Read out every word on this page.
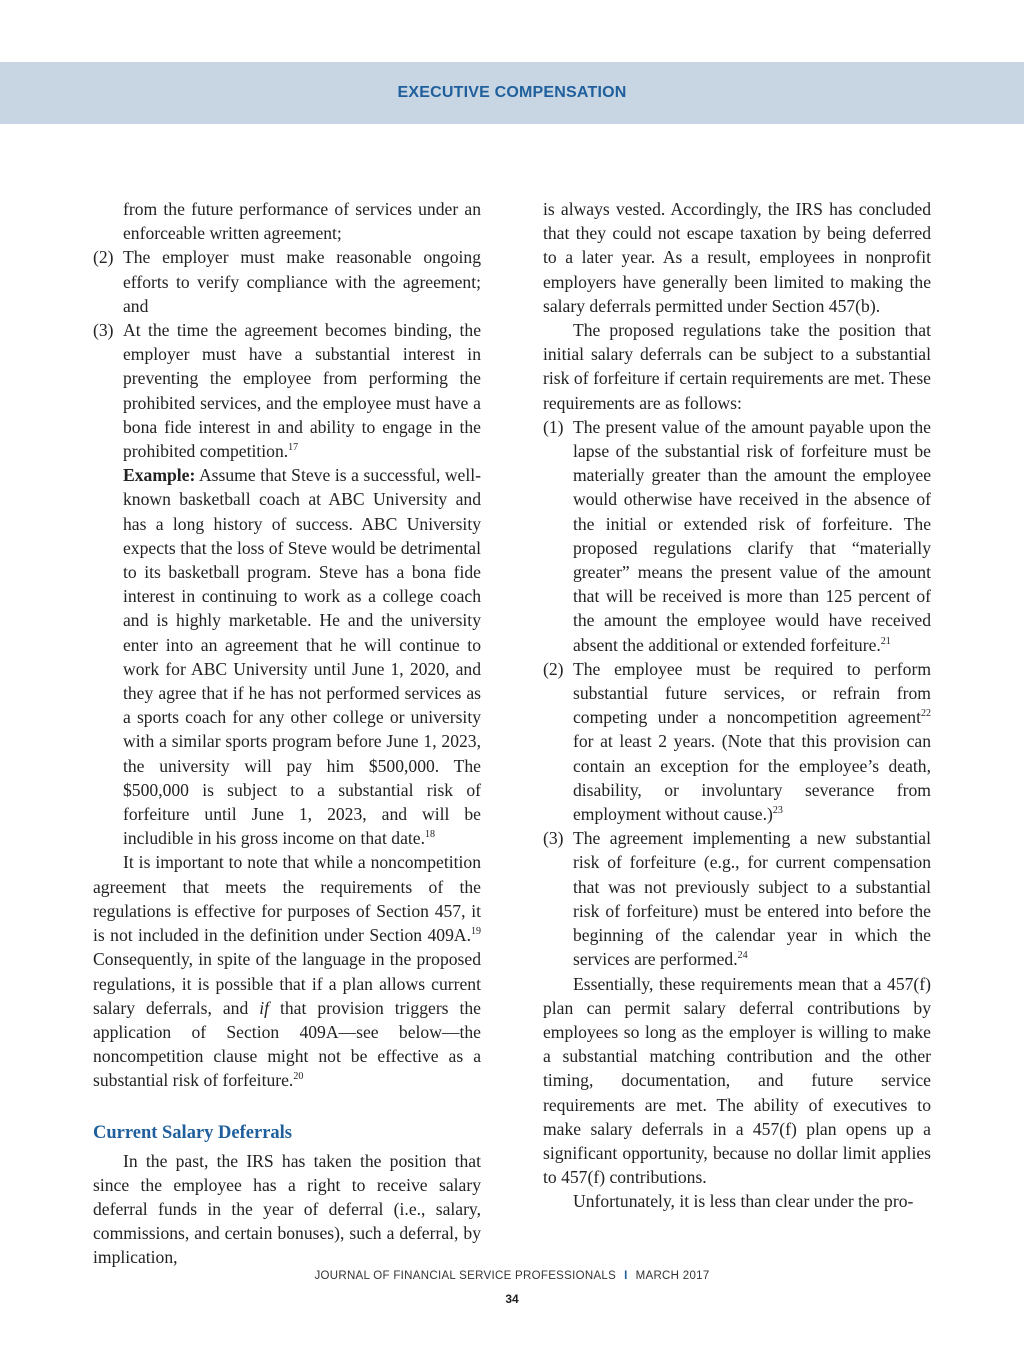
EXECUTIVE COMPENSATION

from the future performance of services under an enforceable written agreement;

(2) The employer must make reasonable ongoing efforts to verify compliance with the agreement; and
(3) At the time the agreement becomes binding, the employer must have a substantial interest in preventing the employee from performing the prohibited services, and the employee must have a bona fide interest in and ability to engage in the prohibited competition.$^{17}$

Example: Assume that Steve is a successful, well-known basketball coach at ABC University and has a long history of success. ABC University expects that the loss of Steve would be detrimental to its basketball program. Steve has a bona fide interest in continuing to work as a college coach and is highly marketable. He and the university enter into an agreement that he will continue to work for ABC University until June 1, 2020, and they agree that if he has not performed services as a sports coach for any other college or university with a similar sports program before June 1, 2023, the university will pay him $500,000. The $500,000 is subject to a substantial risk of forfeiture until June 1, 2023, and will be includible in his gross income on that date.$^{18}$

It is important to note that while a noncompetition agreement that meets the requirements of the regulations is effective for purposes of Section 457, it is not included in the definition under Section 409A.$^{19}$ Consequently, in spite of the language in the proposed regulations, it is possible that if a plan allows current salary deferrals, and if that provision triggers the application of Section 409A—see below—the noncompetition clause might not be effective as a substantial risk of forfeiture.$^{20}$

Current Salary Deferrals

In the past, the IRS has taken the position that since the employee has a right to receive salary deferral funds in the year of deferral (i.e., salary, commissions, and certain bonuses), such a deferral, by implication,

is always vested. Accordingly, the IRS has concluded that they could not escape taxation by being deferred to a later year. As a result, employees in nonprofit employers have generally been limited to making the salary deferrals permitted under Section 457(b).

The proposed regulations take the position that initial salary deferrals can be subject to a substantial risk of forfeiture if certain requirements are met. These requirements are as follows:

(1) The present value of the amount payable upon the lapse of the substantial risk of forfeiture must be materially greater than the amount the employee would otherwise have received in the absence of the initial or extended risk of forfeiture. The proposed regulations clarify that “materially greater” means the present value of the amount that will be received is more than 125 percent of the amount the employee would have received absent the additional or extended forfeiture.$^{21}$
(2) The employee must be required to perform substantial future services, or refrain from competing under a noncompetition agreement$^{22}$ for at least 2 years. (Note that this provision can contain an exception for the employee’s death, disability, or involuntary severance from employment without cause.)$^{23}$
(3) The agreement implementing a new substantial risk of forfeiture (e.g., for current compensation that was not previously subject to a substantial risk of forfeiture) must be entered into before the beginning of the calendar year in which the services are performed.$^{24}$

Essentially, these requirements mean that a 457(f) plan can permit salary deferral contributions by employees so long as the employer is willing to make a substantial matching contribution and the other timing, documentation, and future service requirements are met. The ability of executives to make salary deferrals in a 457(f) plan opens up a significant opportunity, because no dollar limit applies to 457(f) contributions.

Unfortunately, it is less than clear under the pro-

JOURNAL OF FINANCIAL SERVICE PROFESSIONALS I MARCH 2017
34
